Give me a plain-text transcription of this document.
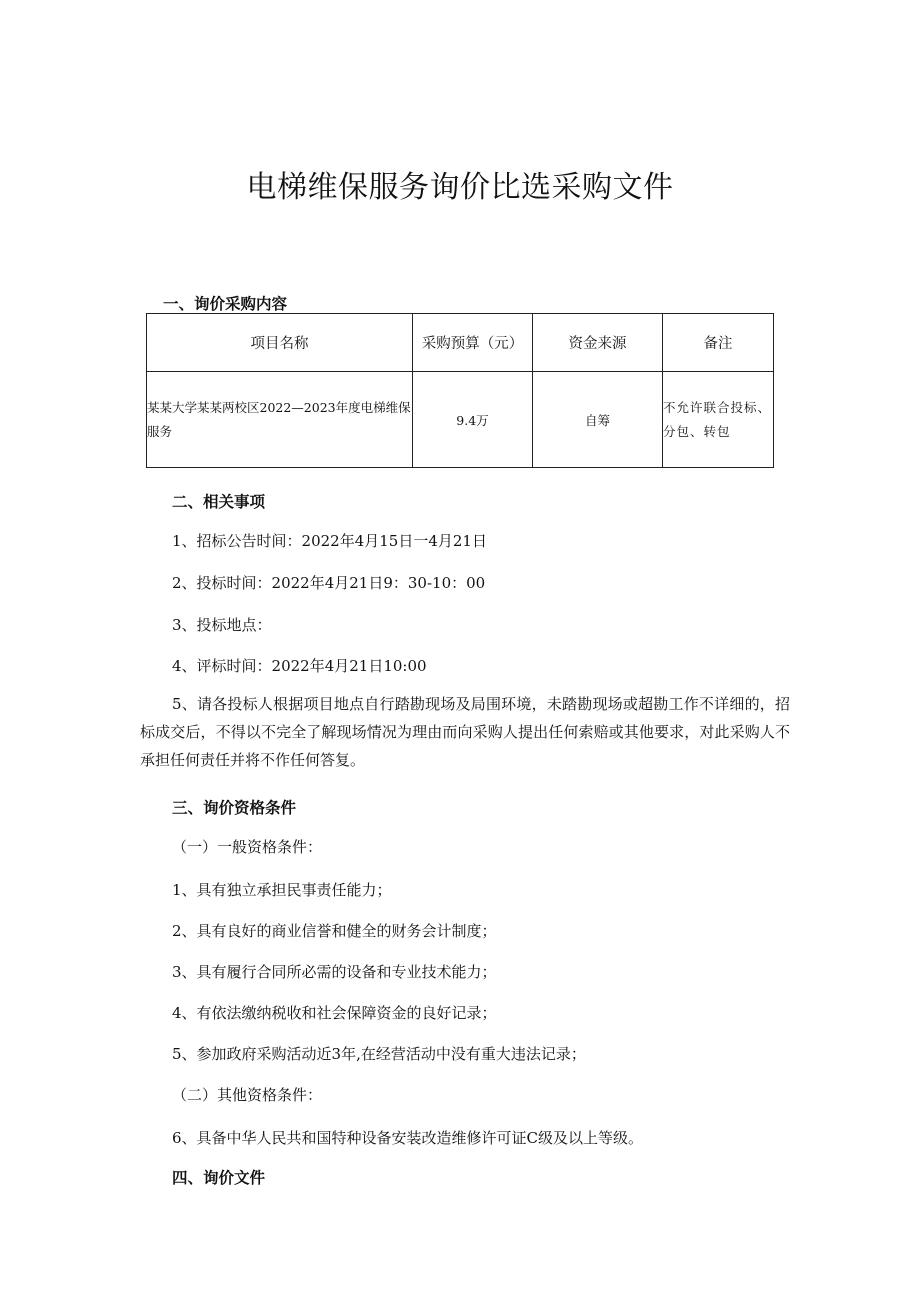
电梯维保服务询价比选采购文件
一、询价采购内容
项目名称	采购预算（元）	资金来源	备注
某某大学某某两校区2022—2023年度电梯维保服务	9.4万	自筹	不允许联合投标、分包、转包
二、相关事项
1、招标公告时间：2022年4月15日一4月21日
2、投标时间：2022年4月21日9：30-10：00
3、投标地点：
4、评标时间：2022年4月21日10:00
5、请各投标人根据项目地点自行踏勘现场及局围环境，未踏勘现场或超勘工作不详细的，招标成交后，不得以不完全了解现场情况为理由而向采购人提出任何索赔或其他要求，对此采购人不承担任何责任并将不作任何答复。
三、询价资格条件
（一）一般资格条件：
1、具有独立承担民事责任能力；
2、具有良好的商业信誉和健全的财务会计制度；
3、具有履行合同所必需的设备和专业技术能力；
4、有依法缴纳税收和社会保障资金的良好记录；
5、参加政府采购活动近3年,在经营活动中没有重大违法记录；
（二）其他资格条件：
6、具备中华人民共和国特种设备安装改造维修许可证C级及以上等级。
四、询价文件
